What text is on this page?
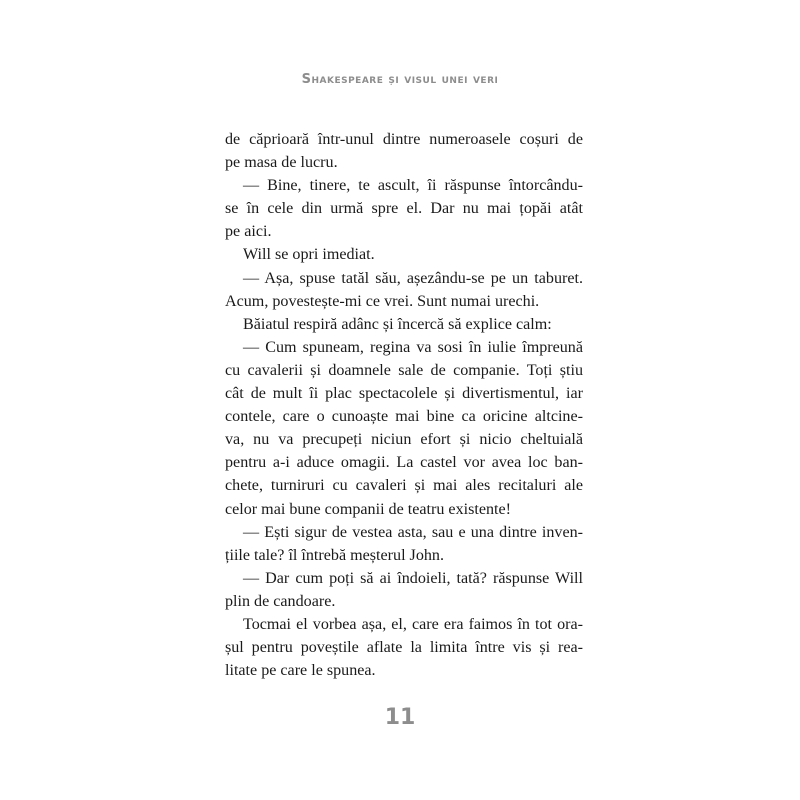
Shakespeare și visul unei veri
de căprioară într-unul dintre numeroasele coșuri de
pe masa de lucru.
— Bine, tinere, te ascult, îi răspunse întorcându-
se în cele din urmă spre el. Dar nu mai țopăi atât
pe aici.
Will se opri imediat.
— Așa, spuse tatăl său, așezându-se pe un taburet.
Acum, povestește-mi ce vrei. Sunt numai urechi.
Băiatul respiră adânc și încercă să explice calm:
— Cum spuneam, regina va sosi în iulie împreună
cu cavalerii și doamnele sale de companie. Toți știu
cât de mult îi plac spectacolele și divertismentul, iar
contele, care o cunoaște mai bine ca oricine altcine-
va, nu va precupeți niciun efort și nicio cheltuială
pentru a-i aduce omagii. La castel vor avea loc ban-
chete, turniruri cu cavaleri și mai ales recitaluri ale
celor mai bune companii de teatru existente!
— Ești sigur de vestea asta, sau e una dintre inven-
țiile tale? îl întrebă meșterul John.
— Dar cum poți să ai îndoieli, tată? răspunse Will
plin de candoare.
Tocmai el vorbea așa, el, care era faimos în tot ora-
șul pentru poveștile aflate la limita între vis și rea-
litate pe care le spunea.
11
